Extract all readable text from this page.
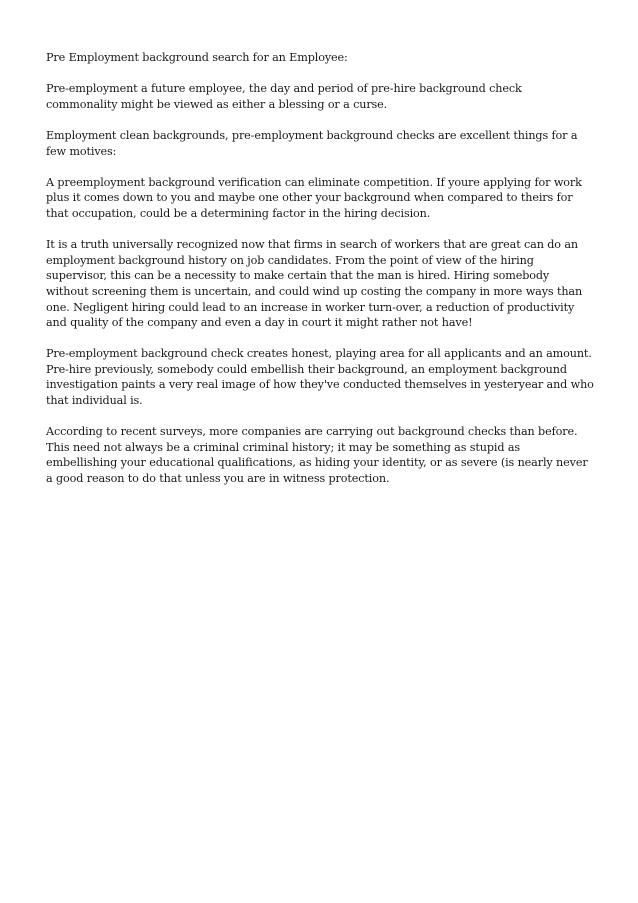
Pre Employment background search for an Employee:

Pre-employment a future employee, the day and period of pre-hire background check commonality might be viewed as either a blessing or a curse.

Employment clean backgrounds, pre-employment background checks are excellent things for a few motives:

A preemployment background verification can eliminate competition. If youre applying for work plus it comes down to you and maybe one other your background when compared to theirs for that occupation, could be a determining factor in the hiring decision.

It is a truth universally recognized now that firms in search of workers that are great can do an employment background history on job candidates. From the point of view of the hiring supervisor, this can be a necessity to make certain that the man is hired. Hiring somebody without screening them is uncertain, and could wind up costing the company in more ways than one. Negligent hiring could lead to an increase in worker turn-over, a reduction of productivity and quality of the company and even a day in court it might rather not have!

Pre-employment background check creates honest, playing area for all applicants and an amount. Pre-hire previously, somebody could embellish their background, an employment background investigation paints a very real image of how they've conducted themselves in yesteryear and who that individual is.

According to recent surveys, more companies are carrying out background checks than before. This need not always be a criminal criminal history; it may be something as stupid as embellishing your educational qualifications, as hiding your identity, or as severe (is nearly never a good reason to do that unless you are in witness protection.
